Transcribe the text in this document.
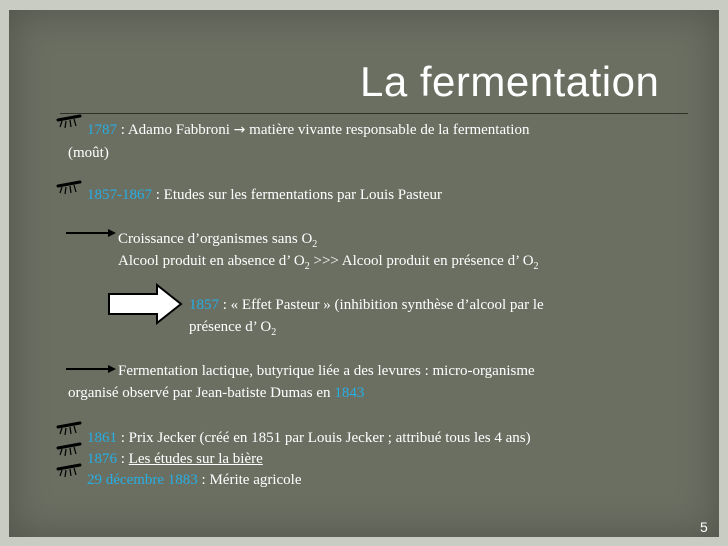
La fermentation
1787 : Adamo Fabbroni → matière vivante responsable de la fermentation
(moût)
1857-1867 : Etudes sur les fermentations par Louis Pasteur
Croissance d’organismes sans $O_2$
Alcool produit en absence d’ $O_2$ >>> Alcool produit en présence d’ $O_2$
1857 : « Effet Pasteur » (inhibition synthèse d’alcool par le
présence d’ $O_2$
Fermentation lactique, butyrique liée a des levures : micro-organisme
organisé observé par Jean-batiste Dumas en 1843
1861 : Prix Jecker (créé en 1851 par Louis Jecker ; attribué tous les 4 ans)
1876 : Les études sur la bière
29 décembre 1883 : Mérite agricole
5
